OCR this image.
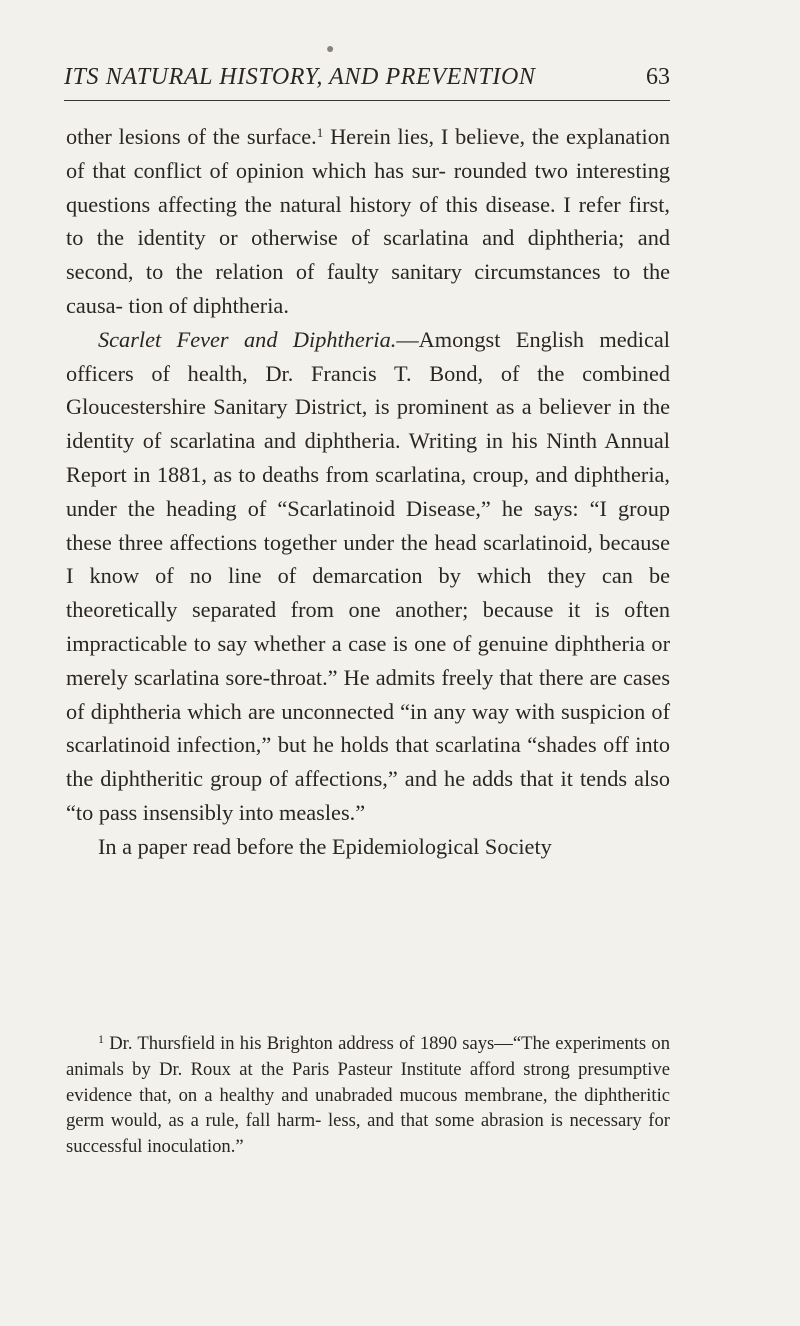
●
ITS NATURAL HISTORY, AND PREVENTION	63

other lesions of the surface.$^1$ Herein lies, I believe, the explanation of that conflict of opinion which has sur- rounded two interesting questions affecting the natural history of this disease. I refer first, to the identity or otherwise of scarlatina and diphtheria; and second, to the relation of faulty sanitary circumstances to the causa- tion of diphtheria.

Scarlet Fever and Diphtheria.—Amongst English medical officers of health, Dr. Francis T. Bond, of the combined Gloucestershire Sanitary District, is prominent as a believer in the identity of scarlatina and diphtheria. Writing in his Ninth Annual Report in 1881, as to deaths from scarlatina, croup, and diphtheria, under the heading of “Scarlatinoid Disease,” he says: “I group these three affections together under the head scarlatinoid, because I know of no line of demarcation by which they can be theoretically separated from one another; because it is often impracticable to say whether a case is one of genuine diphtheria or merely scarlatina sore-throat.” He admits freely that there are cases of diphtheria which are unconnected “in any way with suspicion of scarlatinoid infection,” but he holds that scarlatina “shades off into the diphtheritic group of affections,” and he adds that it tends also “to pass insensibly into measles.”

In a paper read before the Epidemiological Society

$^1$ Dr. Thursfield in his Brighton address of 1890 says—“The experiments on animals by Dr. Roux at the Paris Pasteur Institute afford strong presumptive evidence that, on a healthy and unabraded mucous membrane, the diphtheritic germ would, as a rule, fall harm- less, and that some abrasion is necessary for successful inoculation.”
